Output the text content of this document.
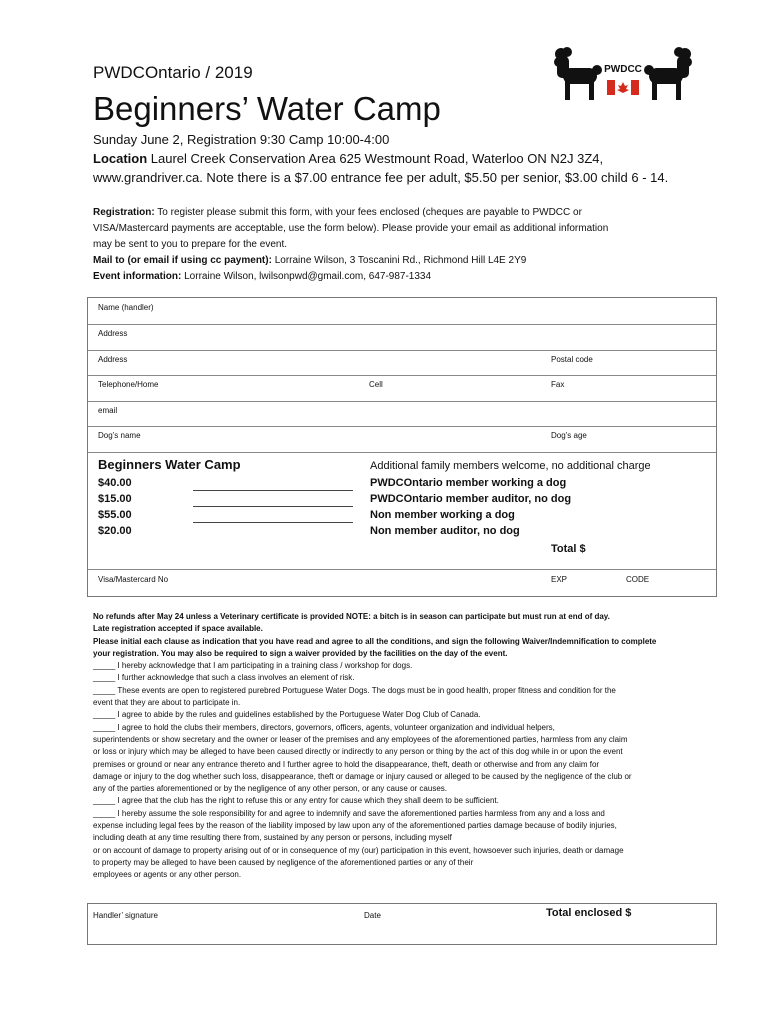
PWDCOntario / 2019
Beginners’ Water Camp
PWDCC
Sunday June 2, Registration 9:30 Camp 10:00-4:00
Location Laurel Creek Conservation Area 625 Westmount Road, Waterloo ON N2J 3Z4,
www.grandriver.ca. Note there is a $7.00 entrance fee per adult, $5.50 per senior, $3.00 child 6 - 14.
Registration: To register please submit this form, with your fees enclosed (cheques are payable to PWDCC or
VISA/Mastercard payments are acceptable, use the form below). Please provide your email as additional information
may be sent to you to prepare for the event.
Mail to (or email if using cc payment): Lorraine Wilson, 3 Toscanini Rd., Richmond Hill L4E 2Y9
Event information: Lorraine Wilson, lwilsonpwd@gmail.com, 647-987-1334
Name (handler)
Address
Address	Postal code
Telephone/Home	Cell	Fax
email
Dog’s name	Dog’s age
Beginners Water Camp	Additional family members welcome, no additional charge
$40.00	PWDCOntario member working a dog
$15.00	PWDCOntario member auditor, no dog
$55.00	Non member working a dog
$20.00	Non member auditor, no dog
Total $
Visa/Mastercard No	EXP	CODE

No refunds after May 24 unless a Veterinary certificate is provided NOTE: a bitch is in season can participate but must run at end of day.

Late registration accepted if space available.

Please initial each clause as indication that you have read and agree to all the conditions, and sign the following Waiver/Indemnification to complete

your registration. You may also be required to sign a waiver provided by the facilities on the day of the event.

_____ I hereby acknowledge that I am participating in a training class / workshop for dogs.

_____ I further acknowledge that such a class involves an element of risk.

_____ These events are open to registered purebred Portuguese Water Dogs. The dogs must be in good health, proper fitness and condition for the

event that they are about to participate in.

_____ I agree to abide by the rules and guidelines established by the Portuguese Water Dog Club of Canada.

_____ I agree to hold the clubs their members, directors, governors, officers, agents, volunteer organization and individual helpers,

superintendents or show secretary and the owner or leaser of the premises and any employees of the aforementioned parties, harmless from any claim

or loss or injury which may be alleged to have been caused directly or indirectly to any person or thing by the act of this dog while in or upon the event

premises or ground or near any entrance thereto and I further agree to hold the disappearance, theft, death or otherwise and from any claim for

damage or injury to the dog whether such loss, disappearance, theft or damage or injury caused or alleged to be caused by the negligence of the club or

any of the parties aforementioned or by the negligence of any other person, or any cause or causes.

_____ I agree that the club has the right to refuse this or any entry for cause which they shall deem to be sufficient.

_____ I hereby assume the sole responsibility for and agree to indemnify and save the aforementioned parties harmless from any and a loss and

expense including legal fees by the reason of the liability imposed by law upon any of the aforementioned parties damage because of bodily injuries,

including death at any time resulting there from, sustained by any person or persons, including myself

or on account of damage to property arising out of or in consequence of my (our) participation in this event, howsoever such injuries, death or damage

to property may be alleged to have been caused by negligence of the aforementioned parties or any of their

employees or agents or any other person.

Handler’ signature	Date	Total enclosed $
